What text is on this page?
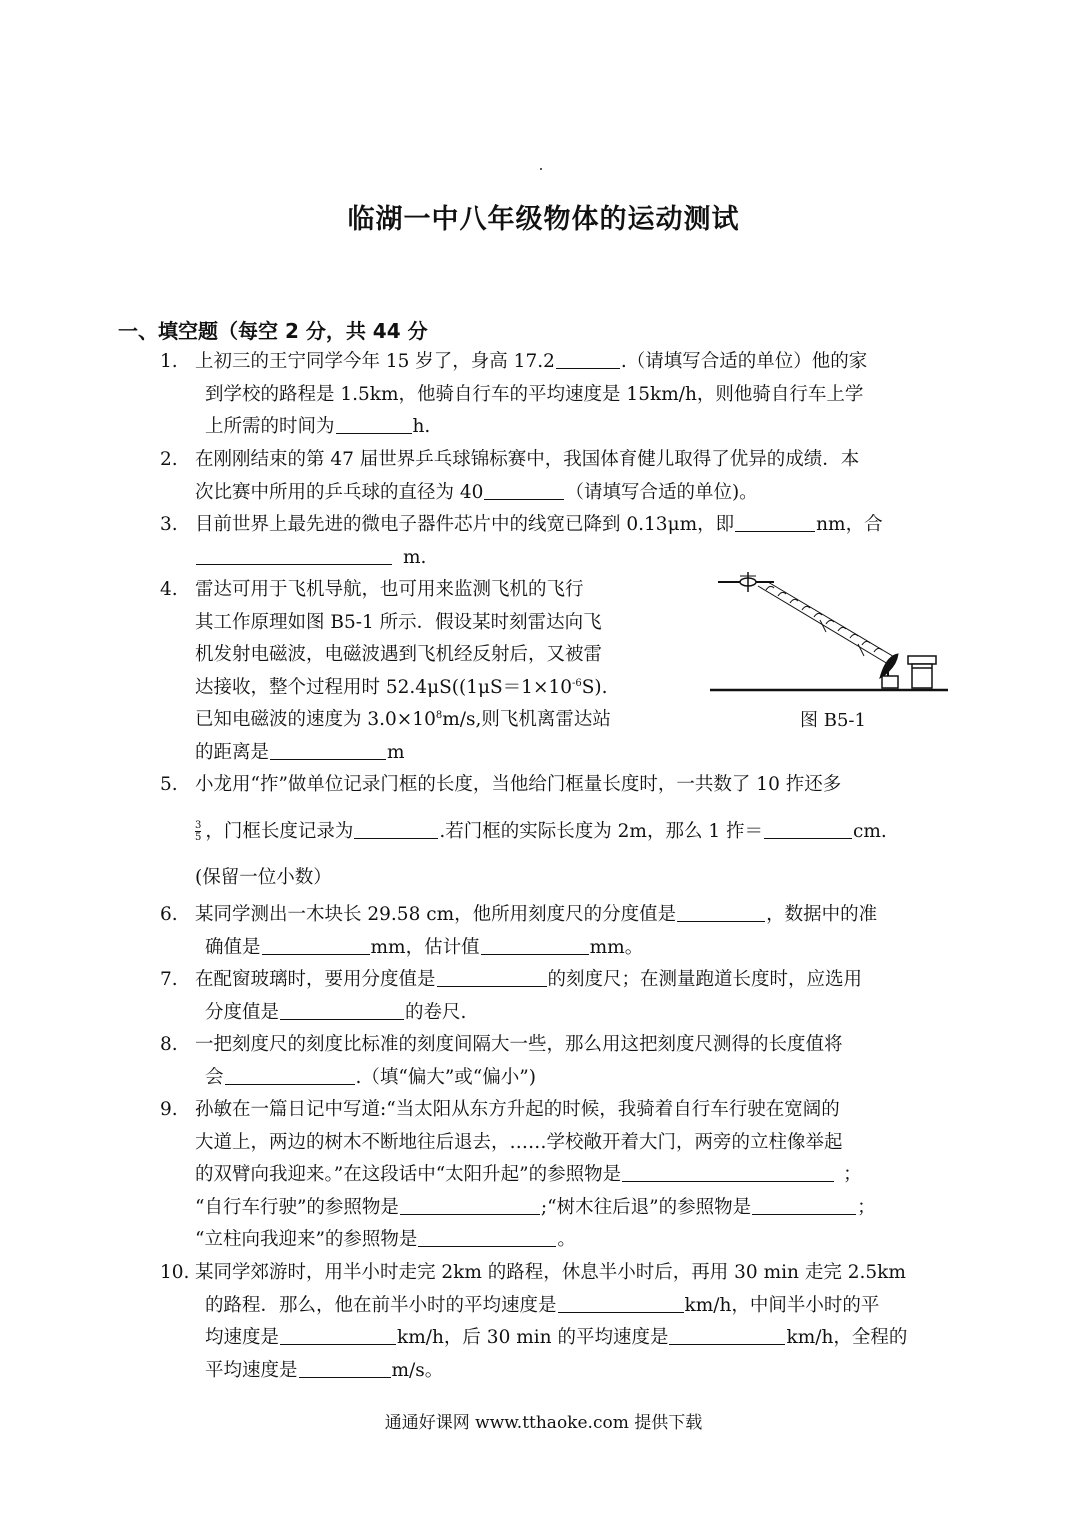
临湖一中八年级物体的运动测试
一、填空题（每空 2 分，共 44 分
1. 上初三的王宁同学今年 15 岁了，身高 17.2	.（请填写合适的单位）他的家
到学校的路程是 1.5km，他骑自行车的平均速度是 15km/h，则他骑自行车上学
上所需的时间为	h.
2. 在刚刚结束的第 47 届世界乒乓球锦标赛中，我国体育健儿取得了优异的成绩．本
次比赛中所用的乒乓球的直径为 40	（请填写合适的单位)。
3. 目前世界上最先进的微电子器件芯片中的线宽已降到 0.13μm，即	nm，合
m.
4. 雷达可用于飞机导航，也可用来监测飞机的飞行
其工作原理如图 B5-1 所示．假设某时刻雷达向飞
机发射电磁波，电磁波遇到飞机经反射后，又被雷
达接收，整个过程用时 $52.4\mu S((1\mu S=1\times 10^{-6}S)$.
已知电磁波的速度为 $3.0\times 10^8m/s$,则飞机离雷达站
的距离是	m
图 B5-1
5. 小龙用“拃”做单位记录门框的长度，当他给门框量长度时，一共数了 10 拃还多
$\frac{3}{5}$ ，门框长度记录为	.若门框的实际长度为 2m，那么 1 拃＝	cm.
(保留一位小数）
6. 某同学测出一木块长 29.58 cm，他所用刻度尺的分度值是	，数据中的准
确值是	mm，估计值	mm。
7. 在配窗玻璃时，要用分度值是	的刻度尺；在测量跑道长度时，应选用
分度值是	的卷尺.
8. 一把刻度尺的刻度比标准的刻度间隔大一些，那么用这把刻度尺测得的长度值将
会	.（填“偏大”或“偏小”)
9. 孙敏在一篇日记中写道:“当太阳从东方升起的时候，我骑着自行车行驶在宽阔的
大道上，两边的树木不断地往后退去，……学校敞开着大门，两旁的立柱像举起
的双臂向我迎来。”在这段话中“太阳升起”的参照物是	；
“自行车行驶”的参照物是	;“树木往后退”的参照物是	；
“立柱向我迎来”的参照物是	。
10. 某同学郊游时，用半小时走完 2km 的路程，休息半小时后，再用 30 min 走完 2.5km
的路程．那么，他在前半小时的平均速度是	km/h，中间半小时的平
均速度是	km/h，后 30 min 的平均速度是	km/h，全程的
平均速度是	m/s。
通通好课网 www.tthaoke.com 提供下载
